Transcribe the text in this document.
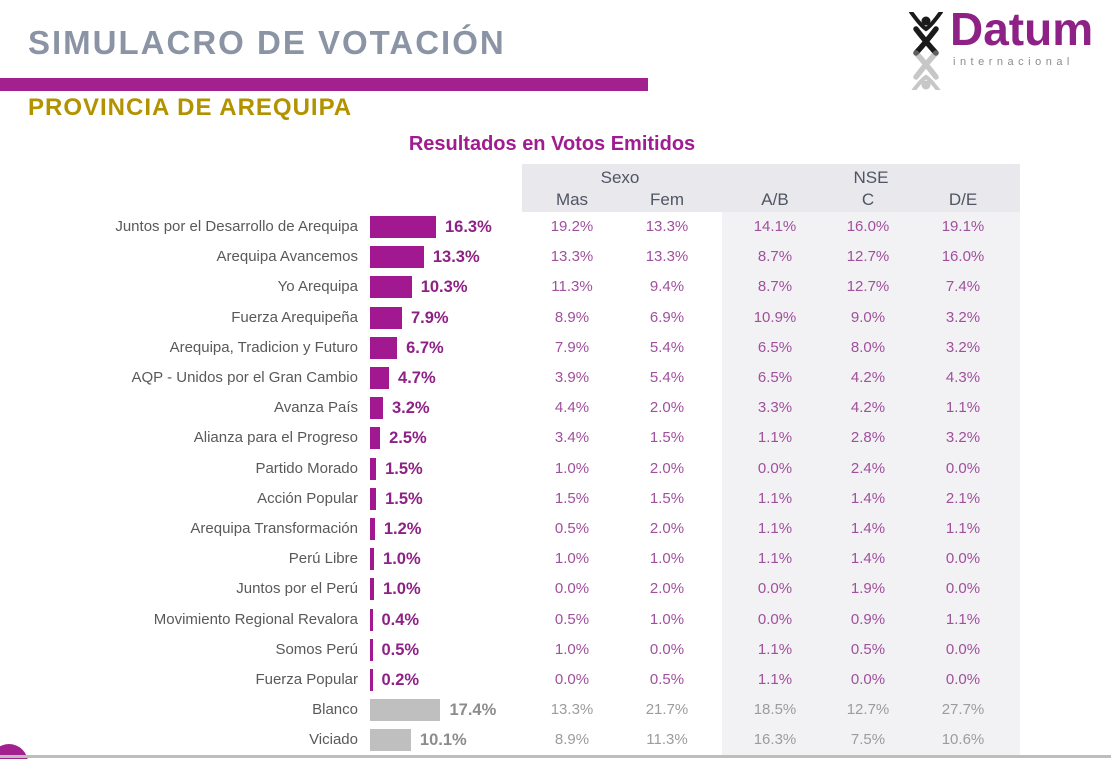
SIMULACRO DE VOTACIÓN
PROVINCIA DE AREQUIPA
Datum
internacional
Resultados en Votos Emitidos
Sexo	NSE
Mas	Fem	A/B	C	D/E
Juntos por el Desarrollo de Arequipa	16.3%	19.2%	13.3%	14.1%	16.0%	19.1%
Arequipa Avancemos	13.3%	13.3%	13.3%	8.7%	12.7%	16.0%
Yo Arequipa	10.3%	11.3%	9.4%	8.7%	12.7%	7.4%
Fuerza Arequipeña	7.9%	8.9%	6.9%	10.9%	9.0%	3.2%
Arequipa, Tradicion y Futuro	6.7%	7.9%	5.4%	6.5%	8.0%	3.2%
AQP - Unidos por el Gran Cambio 4.7%	3.9%	5.4%	6.5%	4.2%	4.3%
Avanza País 3.2%	4.4%	2.0%	3.3%	4.2%	1.1%
Alianza para el Progreso 2.5%	3.4%	1.5%	1.1%	2.8%	3.2%
Partido Morado 1.5%	1.0%	2.0%	0.0%	2.4%	0.0%
Acción Popular 1.5%	1.5%	1.5%	1.1%	1.4%	2.1%
Arequipa Transformación 1.2%	0.5%	2.0%	1.1%	1.4%	1.1%
Perú Libre 1.0%	1.0%	1.0%	1.1%	1.4%	0.0%
Juntos por el Perú 1.0%	0.0%	2.0%	0.0%	1.9%	0.0%
Movimiento Regional Revalora 0.4%	0.5%	1.0%	0.0%	0.9%	1.1%
Somos Perú 0.5%	1.0%	0.0%	1.1%	0.5%	0.0%
Fuerza Popular 0.2%	0.0%	0.5%	1.1%	0.0%	0.0%
Blanco	17.4%	13.3%	21.7%	18.5%	12.7%	27.7%
Viciado	10.1%	8.9%	11.3%	16.3%	7.5%	10.6%
